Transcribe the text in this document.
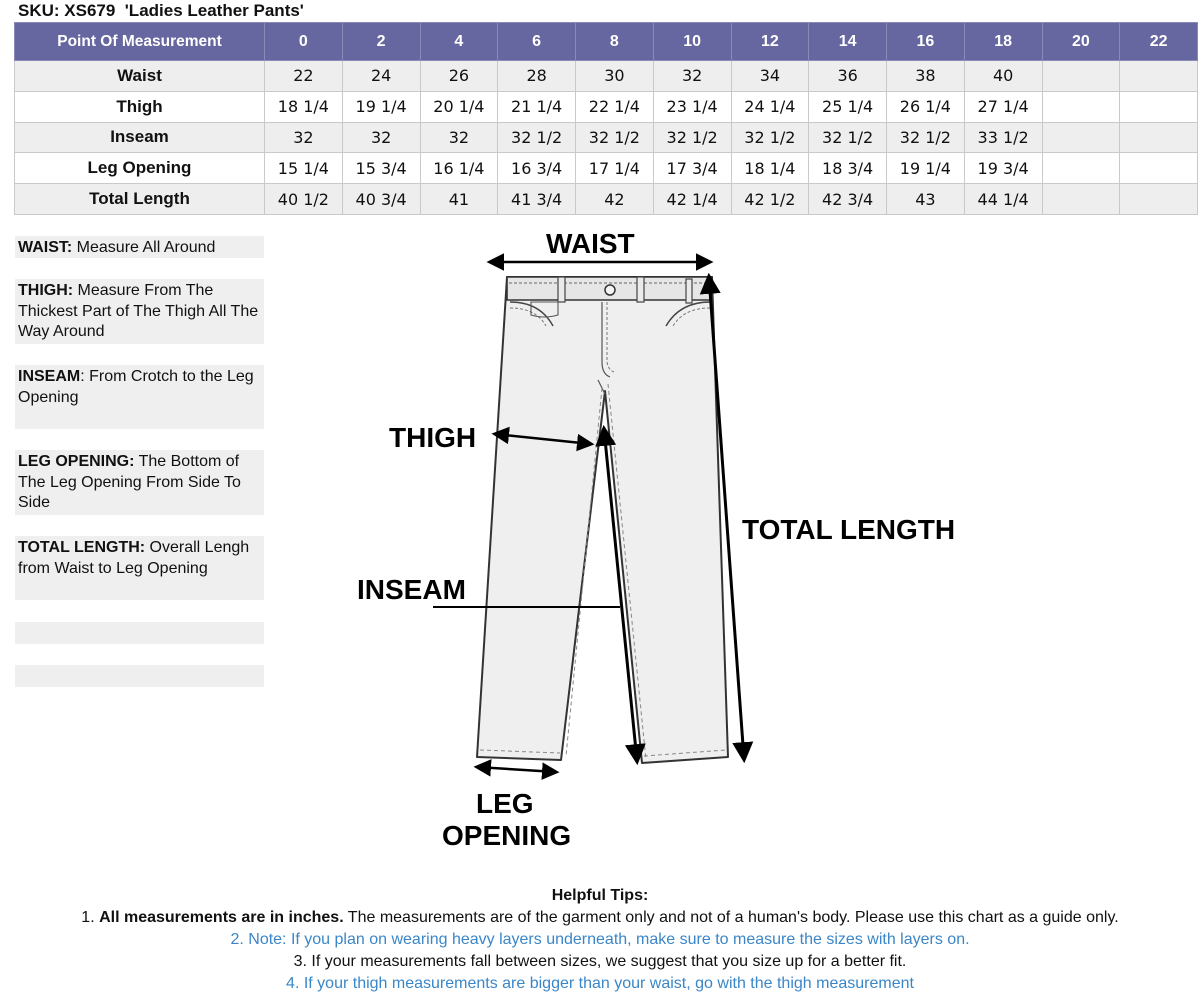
SKU: XS679  'Ladies Leather Pants'
Point Of Measurement	0	2	4	6	8	10	12	14	16	18	20	22
Waist	22	24	26	28	30	32	34	36	38	40		
Thigh	18 1/4	19 1/4	20 1/4	21 1/4	22 1/4	23 1/4	24 1/4	25 1/4	26 1/4	27 1/4		
Inseam	32	32	32	32 1/2	32 1/2	32 1/2	32 1/2	32 1/2	32 1/2	33 1/2		
Leg Opening	15 1/4	15 3/4	16 1/4	16 3/4	17 1/4	17 3/4	18 1/4	18 3/4	19 1/4	19 3/4		
Total Length	40 1/2	40 3/4	41	41 3/4	42	42 1/4	42 1/2	42 3/4	43	44 1/4		
WAIST: Measure All Around
THIGH: Measure From The Thickest Part of The Thigh All The Way Around
INSEAM: From Crotch to the Leg Opening
LEG OPENING: The Bottom of The Leg Opening From Side To Side
TOTAL LENGTH: Overall Lengh from Waist to Leg Opening
WAIST
THIGH
TOTAL LENGTH
INSEAM
LEG
OPENING
Helpful Tips:
1. All measurements are in inches. The measurements are of the garment only and not of a human's body. Please use this chart as a guide only.
2. Note: If you plan on wearing heavy layers underneath, make sure to measure the sizes with layers on.
3. If your measurements fall between sizes, we suggest that you size up for a better fit.
4. If your thigh measurements are bigger than your waist, go with the thigh measurement
